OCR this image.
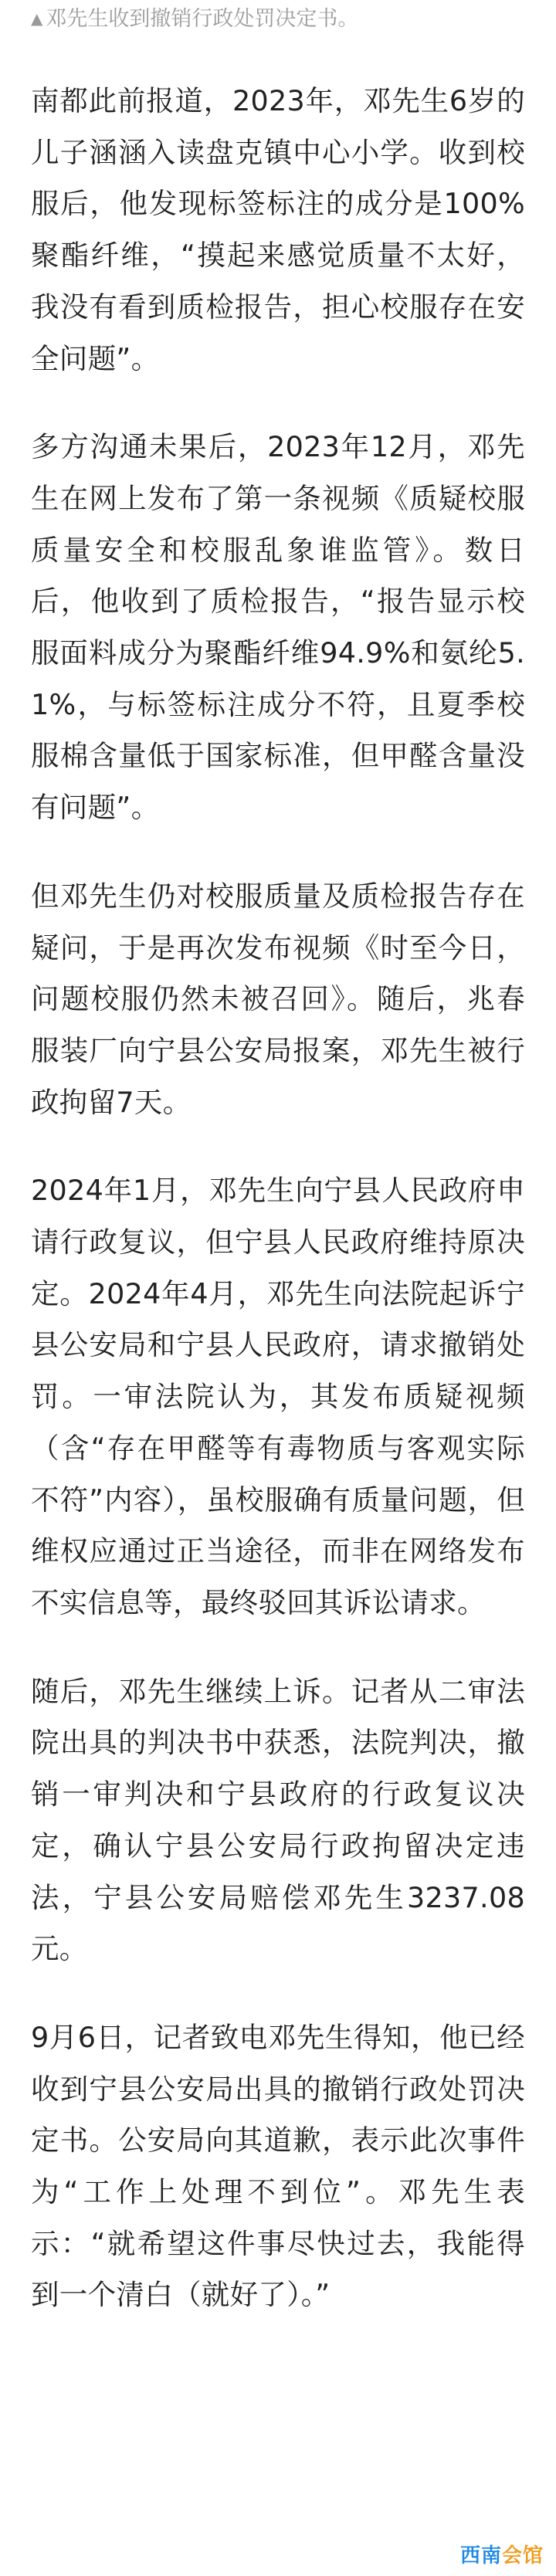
▲ 邓先生收到撤销行政处罚决定书。

南都此前报道，2023年，邓先生6岁的儿子涵涵入读盘克镇中心小学。收到校服后，他发现标签标注的成分是100%聚酯纤维，“摸起来感觉质量不太好，我没有看到质检报告，担心校服存在安全问题”。

多方沟通未果后，2023年12月，邓先生在网上发布了第一条视频《质疑校服质量安全和校服乱象谁监管》。数日后，他收到了质检报告，“报告显示校服面料成分为聚酯纤维94.9%和氨纶5.1%，与标签标注成分不符，且夏季校服棉含量低于国家标准，但甲醛含量没有问题”。

但邓先生仍对校服质量及质检报告存在疑问，于是再次发布视频《时至今日，问题校服仍然未被召回》。随后，兆春服装厂向宁县公安局报案，邓先生被行政拘留7天。

2024年1月，邓先生向宁县人民政府申请行政复议，但宁县人民政府维持原决定。2024年4月，邓先生向法院起诉宁县公安局和宁县人民政府，请求撤销处罚。一审法院认为，其发布质疑视频（含“存在甲醛等有毒物质与客观实际不符”内容），虽校服确有质量问题，但维权应通过正当途径，而非在网络发布不实信息等，最终驳回其诉讼请求。

随后，邓先生继续上诉。记者从二审法院出具的判决书中获悉，法院判决，撤销一审判决和宁县政府的行政复议决定，确认宁县公安局行政拘留决定违法，宁县公安局赔偿邓先生3237.08元。

9月6日，记者致电邓先生得知，他已经收到宁县公安局出具的撤销行政处罚决定书。公安局向其道歉，表示此次事件为“工作上处理不到位”。邓先生表示：“就希望这件事尽快过去，我能得到一个清白（就好了）。”

西南会馆
